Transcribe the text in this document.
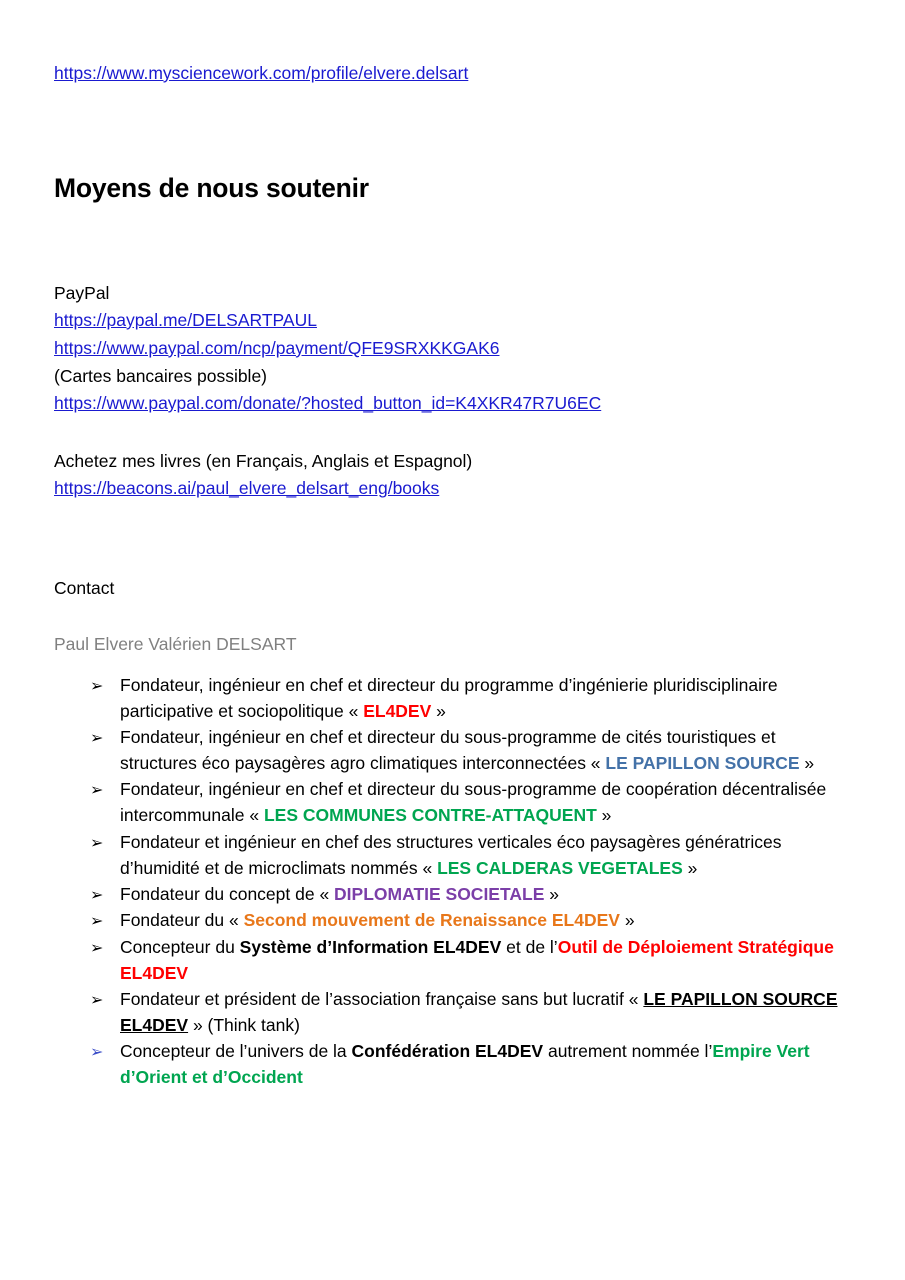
https://www.mysciencework.com/profile/elvere.delsart
Moyens de nous soutenir
PayPal
https://paypal.me/DELSARTPAUL
https://www.paypal.com/ncp/payment/QFE9SRXKKGAK6
(Cartes bancaires possible)
https://www.paypal.com/donate/?hosted_button_id=K4XKR47R7U6EC
Achetez mes livres (en Français, Anglais et Espagnol)
https://beacons.ai/paul_elvere_delsart_eng/books
Contact
Paul Elvere Valérien DELSART
➢ Fondateur, ingénieur en chef et directeur du programme d’ingénierie pluridisciplinaire participative et sociopolitique « EL4DEV »
➢ Fondateur, ingénieur en chef et directeur du sous-programme de cités touristiques et structures éco paysagères agro climatiques interconnectées « LE PAPILLON SOURCE »
➢ Fondateur, ingénieur en chef et directeur du sous-programme de coopération décentralisée intercommunale « LES COMMUNES CONTRE-ATTAQUENT »
➢ Fondateur et ingénieur en chef des structures verticales éco paysagères génératrices d’humidité et de microclimats nommés « LES CALDERAS VEGETALES »
➢ Fondateur du concept de « DIPLOMATIE SOCIETALE »
➢ Fondateur du « Second mouvement de Renaissance EL4DEV »
➢ Concepteur du Système d’Information EL4DEV et de l’Outil de Déploiement Stratégique EL4DEV
➢ Fondateur et président de l’association française sans but lucratif « LE PAPILLON SOURCE EL4DEV » (Think tank)
➢ Concepteur de l’univers de la Confédération EL4DEV autrement nommée l’Empire Vert d’Orient et d’Occident
